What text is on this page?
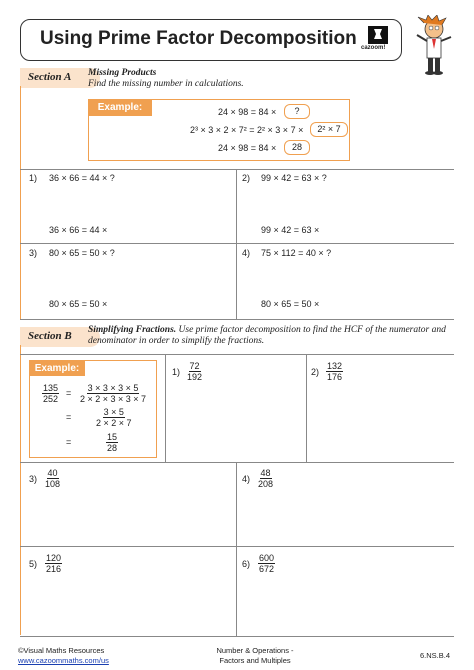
Using Prime Factor Decomposition cazoom!
Section A	Missing Products
Find the missing number in calculations.
Example:	24 × 98 = 84 ×	?
2³ × 3 × 2 × 7² = 2² × 3 × 7 ×	2² × 7
24 × 98 = 84 ×	28
1) 36 × 66 = 44 × ?
36 × 66 = 44 ×
2) 99 × 42 = 63 × ?
99 × 42 = 63 ×
3) 80 × 65 = 50 × ?
80 × 65 = 50 ×
4) 75 × 112 = 40 × ?
80 × 65 = 50 ×
Section B	Simplifying Fractions. Use prime factor decomposition to find the HCF of the numerator and denominator in order to simplify the fractions.
Example:
$\frac{135}{252} = \frac{3 \times 3 \times 3 \times 5}{2 \times 2 \times 3 \times 3 \times 7}$
=	$\frac{3 \times 5}{2 \times 2 \times 7}$
=	$\frac{15}{28}$
$1) \frac{72}{192}$	$2) \frac{132}{176}$
$3) \frac{40}{108}$	$4) \frac{48}{208}$
$5) \frac{120}{216}$	$6) \frac{600}{672}$
©Visual Maths Resources
www.cazoommaths.com/us
Number & Operations -
Factors and Multiples
6.NS.B.4
